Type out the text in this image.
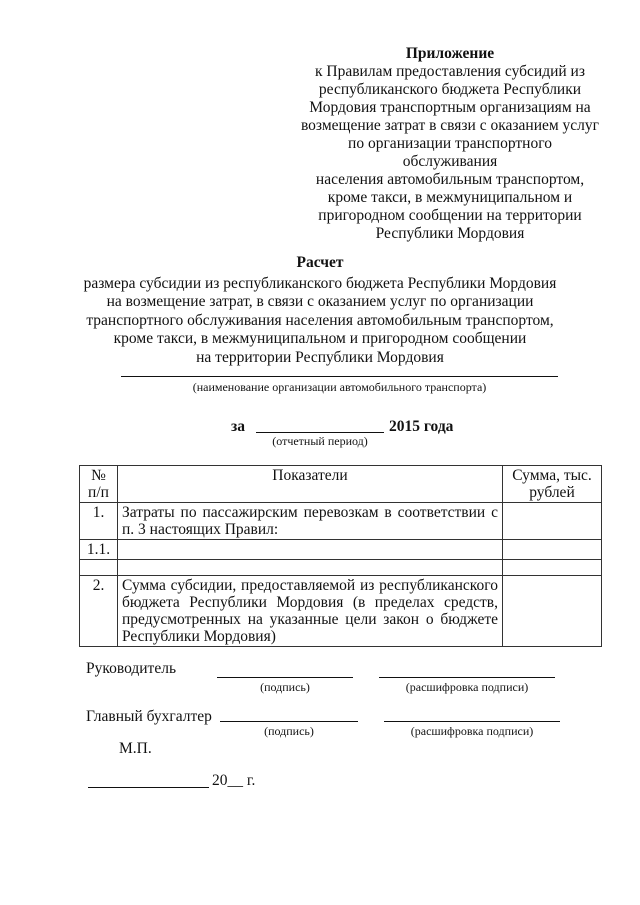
Приложение
к Правилам предоставления субсидий из
республиканского бюджета Республики
Мордовия транспортным организациям на
возмещение затрат в связи с оказанием услуг
по организации транспортного обслуживания
населения автомобильным транспортом,
кроме такси, в межмуниципальном и
пригородном сообщении на территории
Республики Мордовия
Расчет
размера субсидии из республиканского бюджета Республики Мордовия
на возмещение затрат, в связи с оказанием услуг по организации
транспортного обслуживания населения автомобильным транспортом,
кроме такси, в межмуниципальном и пригородном сообщении
на территории Республики Мордовия
(наименование организации автомобильного транспорта)
за	2015 года
(отчетный период)
№ п/п	Показатели	Сумма, тыс. рублей
1.	Затраты по пассажирским перевозкам в соответствии с п. 3 настоящих Правил:	
1.1.		

2.	Сумма субсидии, предоставляемой из республиканского бюджета Республики Мордовия (в пределах средств, предусмотренных на указанные цели закон о бюджете Республики Мордовия)	
Руководитель
(подпись)	(расшифровка подписи)
Главный бухгалтер
(подпись)	(расшифровка подписи)
М.П.
20__ г.
